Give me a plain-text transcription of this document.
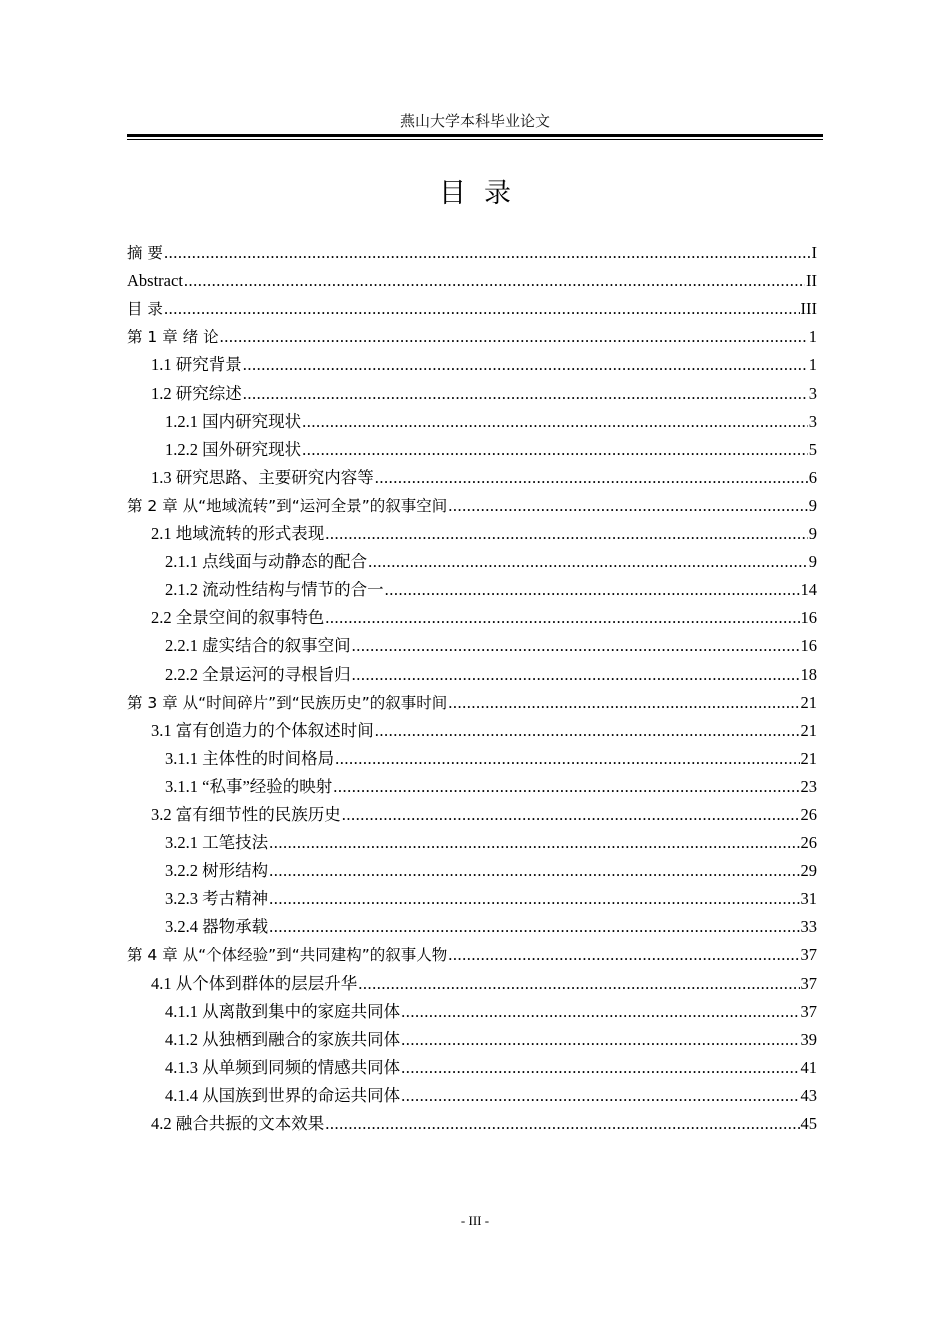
燕山大学本科毕业论文
目录
摘 要 .....	I
Abstract .....	II
目 录 .....	III
第 1 章 绪 论 .....	1
1.1 研究背景 .....	1
1.2 研究综述 .....	3
1.2.1 国内研究现状 .....	3
1.2.2 国外研究现状 .....	5
1.3 研究思路、主要研究内容等 .....	6
第 2 章 从“地域流转”到“运河全景”的叙事空间 .....	9
2.1 地域流转的形式表现 .....	9
2.1.1 点线面与动静态的配合 .....	9
2.1.2 流动性结构与情节的合一 .....	14
2.2 全景空间的叙事特色 .....	16
2.2.1 虚实结合的叙事空间 .....	16
2.2.2 全景运河的寻根旨归 .....	18
第 3 章 从“时间碎片”到“民族历史”的叙事时间 .....	21
3.1 富有创造力的个体叙述时间 .....	21
3.1.1 主体性的时间格局 .....	21
3.1.1 “私事”经验的映射 .....	23
3.2 富有细节性的民族历史 .....	26
3.2.1 工笔技法 .....	26
3.2.2 树形结构 .....	29
3.2.3 考古精神 .....	31
3.2.4 器物承载 .....	33
第 4 章 从“个体经验”到“共同建构”的叙事人物 .....	37
4.1 从个体到群体的层层升华 .....	37
4.1.1 从离散到集中的家庭共同体 .....	37
4.1.2 从独栖到融合的家族共同体 .....	39
4.1.3 从单频到同频的情感共同体 .....	41
4.1.4 从国族到世界的命运共同体 .....	43
4.2 融合共振的文本效果 .....	45
- III -
